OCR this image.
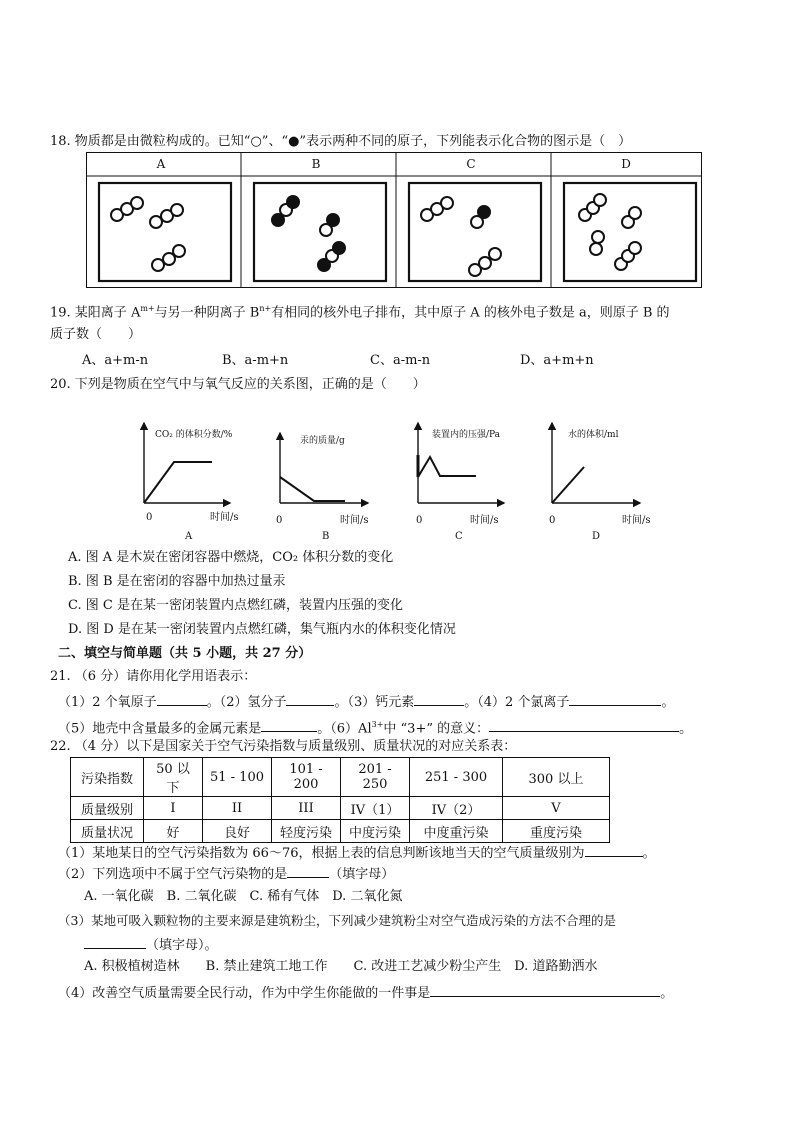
18. 物质都是由微粒构成的。已知“○”、“●”表示两种不同的原子，下列能表示化合物的图示是（　）
A	B	C	D
19. 某阳离子 $A^{m+}$与另一种阴离子 $B^{n+}$有相同的核外电子排布，其中原子 A 的核外电子数是 a，则原子 B 的
质子数（　　）
A、a+m-n	B、a-m+n	C、a-m-n	D、a+m+n
20. 下列是物质在空气中与氧气反应的关系图，正确的是（　　）
CO₂ 的体积分数/%
0	时间/s
A
汞的质量/g
0	时间/s
B
装置内的压强/Pa
0	时间/s
C
水的体积/ml
0	时间/s
D
A. 图 A 是木炭在密闭容器中燃烧，CO₂ 体积分数的变化
B. 图 B 是在密闭的容器中加热过量汞
C. 图 C 是在某一密闭装置内点燃红磷，装置内压强的变化
D. 图 D 是在某一密闭装置内点燃红磷，集气瓶内水的体积变化情况
二、填空与简单题（共 5 小题，共 27 分）
21. （6 分）请你用化学用语表示：
（1）2 个氧原子	。（2）氢分子	。（3）钙元素	。（4）2 个氯离子	。
（5）地壳中含量最多的金属元素是	。$(6)Al^{3+}$中 “3+” 的意义：	。
22. （4 分）以下是国家关于空气污染指数与质量级别、质量状况的对应关系表：
污染指数	50 以下	51 - 100	101 - 200	201 - 250	251 - 300	300 以上
质量级别	I	II	III	IV（1）	IV（2）	V
质量状况	好	良好	轻度污染	中度污染	中度重污染	重度污染
（1）某地某日的空气污染指数为 66～76，根据上表的信息判断该地当天的空气质量级别为	。
（2）下列选项中不属于空气污染物的是	（填字母）
A. 一氧化碳　B. 二氧化碳　C. 稀有气体　D. 二氧化氮
（3）某地可吸入颗粒物的主要来源是建筑粉尘，下列减少建筑粉尘对空气造成污染的方法不合理的是
（填字母）。
A. 积极植树造林　　B. 禁止建筑工地工作　　C. 改进工艺减少粉尘产生　D. 道路勤洒水
（4）改善空气质量需要全民行动，作为中学生你能做的一件事是	。
